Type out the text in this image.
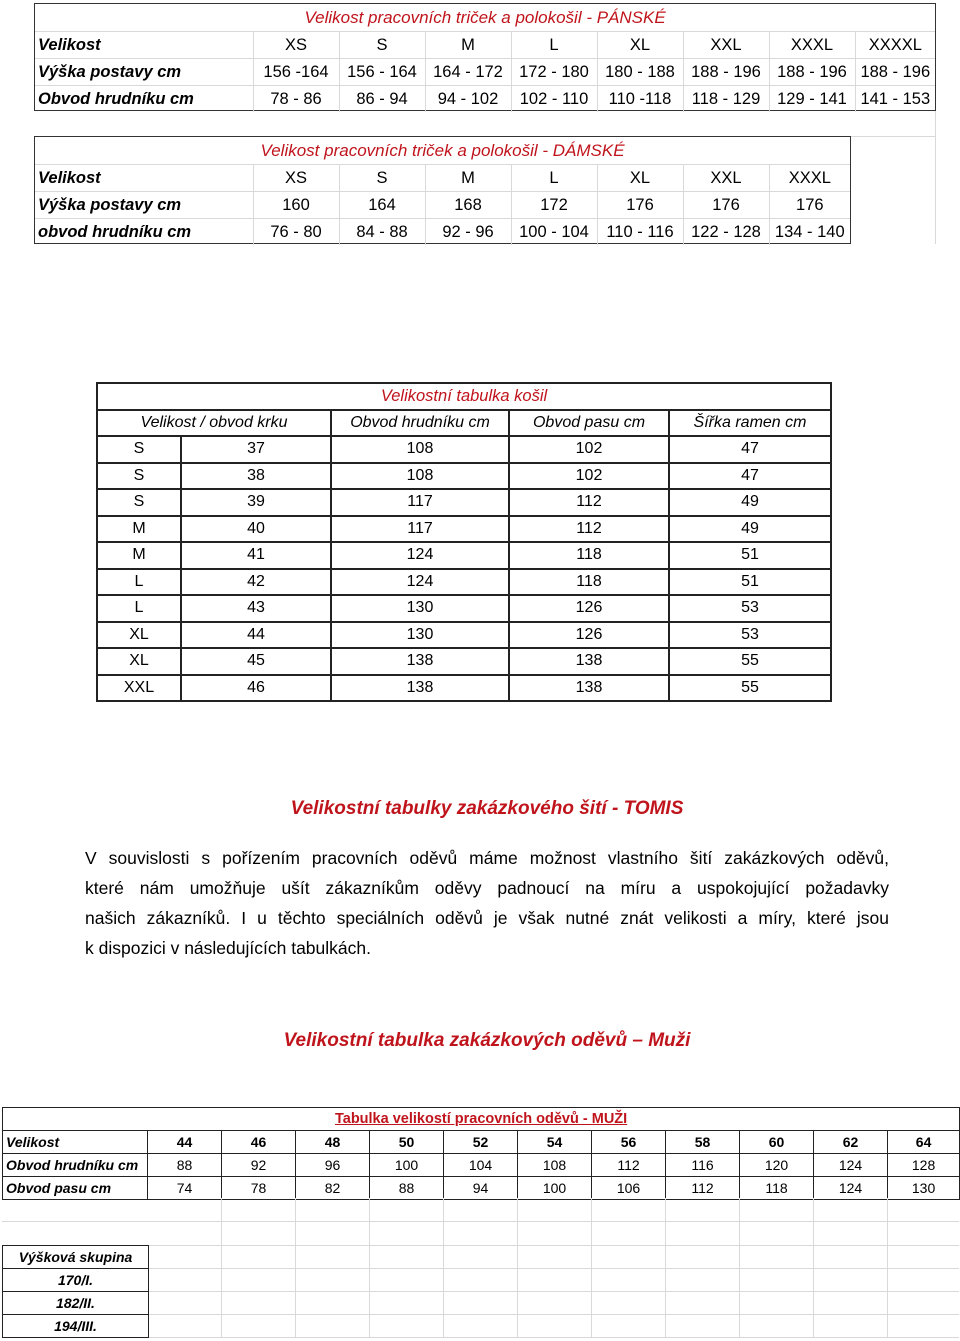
Velikost pracovních triček a polokošil - PÁNSKÉ								
Velikost	XS	S	M	L	XL	XXL	XXXL	XXXXL
Výška postavy cm	156 -164	156 - 164	164 - 172	172 - 180	180 - 188	188 - 196	188 - 196	188 - 196
Obvod hrudníku cm	78 - 86	86 - 94	94 - 102	102 - 110	110 -118	118 - 129	129 - 141	141 - 153
Velikost pracovních triček a polokošil - DÁMSKÉ							
Velikost	XS	S	M	L	XL	XXL	XXXL
Výška postavy cm	160	164	168	172	176	176	176
obvod hrudníku cm	76 - 80	84 - 88	92 - 96	100 - 104	110 - 116	122 - 128	134 - 140
Velikostní tabulka košil				
Velikost / obvod krku		Obvod hrudníku cm	Obvod pasu cm	Šířka ramen cm
S	37	108	102	47
S	38	108	102	47
S	39	117	112	49
M	40	117	112	49
M	41	124	118	51
L	42	124	118	51
L	43	130	126	53
XL	44	130	126	53
XL	45	138	138	55
XXL	46	138	138	55
Velikostní tabulky zakázkového šití - TOMIS
V souvislosti s pořízením pracovních oděvů máme možnost vlastního šití zakázkových oděvů,
které nám umožňuje ušít zákazníkům oděvy padnoucí na míru a uspokojující požadavky
našich zákazníků. I u těchto speciálních oděvů je však nutné znát velikosti a míry, které jsou
k dispozici v následujících tabulkách.
Velikostní tabulka zakázkových oděvů – Muži
Tabulka velikostí pracovních oděvů - MUŽI											
Velikost	44	46	48	50	52	54	56	58	60	62	64
Obvod hrudníku cm	88	92	96	100	104	108	112	116	120	124	128
Obvod pasu cm	74	78	82	88	94	100	106	112	118	124	130
Výšková skupina
170/I.
182/II.
194/III.
